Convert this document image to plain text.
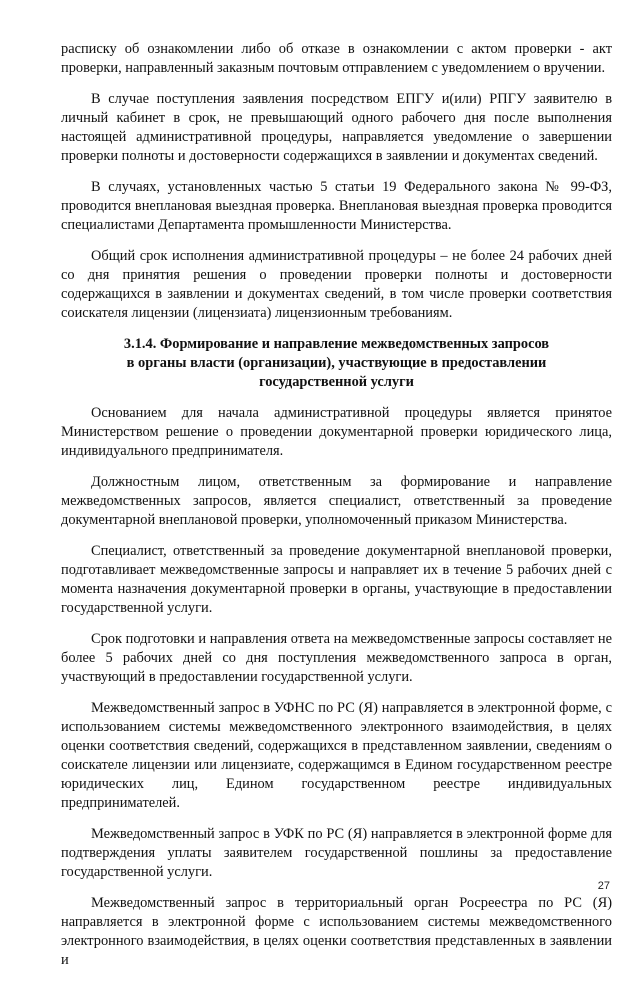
расписку об ознакомлении либо об отказе в ознакомлении с актом проверки - акт проверки, направленный заказным почтовым отправлением с уведомлением о вручении.

В случае поступления заявления посредством ЕПГУ и(или) РПГУ заявителю в личный кабинет в срок, не превышающий одного рабочего дня после выполнения настоящей административной процедуры, направляется уведомление о завершении проверки полноты и достоверности содержащихся в заявлении и документах сведений.

В случаях, установленных частью 5 статьи 19 Федерального закона № 99-ФЗ, проводится внеплановая выездная проверка. Внеплановая выездная проверка проводится специалистами Департамента промышленности Министерства.

Общий срок исполнения административной процедуры – не более 24 рабочих дней со дня принятия решения о проведении проверки полноты и достоверности содержащихся в заявлении и документах сведений, в том числе проверки соответствия соискателя лицензии (лицензиата) лицензионным требованиям.

3.1.4. Формирование и направление межведомственных запросов
в органы власти (организации), участвующие в предоставлении
государственной услуги

Основанием для начала административной процедуры является принятое Министерством решение о проведении документарной проверки юридического лица, индивидуального предпринимателя.

Должностным лицом, ответственным за формирование и направление межведомственных запросов, является специалист, ответственный за проведение документарной внеплановой проверки, уполномоченный приказом Министерства.

Специалист, ответственный за проведение документарной внеплановой проверки, подготавливает межведомственные запросы и направляет их в течение 5 рабочих дней с момента назначения документарной проверки в органы, участвующие в предоставлении государственной услуги.

Срок подготовки и направления ответа на межведомственные запросы составляет не более 5 рабочих дней со дня поступления межведомственного запроса в орган, участвующий в предоставлении государственной услуги.

Межведомственный запрос в УФНС по РС (Я) направляется в электронной форме, с использованием системы межведомственного электронного взаимодействия, в целях оценки соответствия сведений, содержащихся в представленном заявлении, сведениям о соискателе лицензии или лицензиате, содержащимся в Едином государственном реестре юридических лиц, Едином государственном реестре индивидуальных предпринимателей.

Межведомственный запрос в УФК по РС (Я) направляется в электронной форме для подтверждения уплаты заявителем государственной пошлины за предоставление государственной услуги.

Межведомственный запрос в территориальный орган Росреестра по РС (Я) направляется в электронной форме с использованием системы межведомственного электронного взаимодействия, в целях оценки соответствия представленных в заявлении и

27
